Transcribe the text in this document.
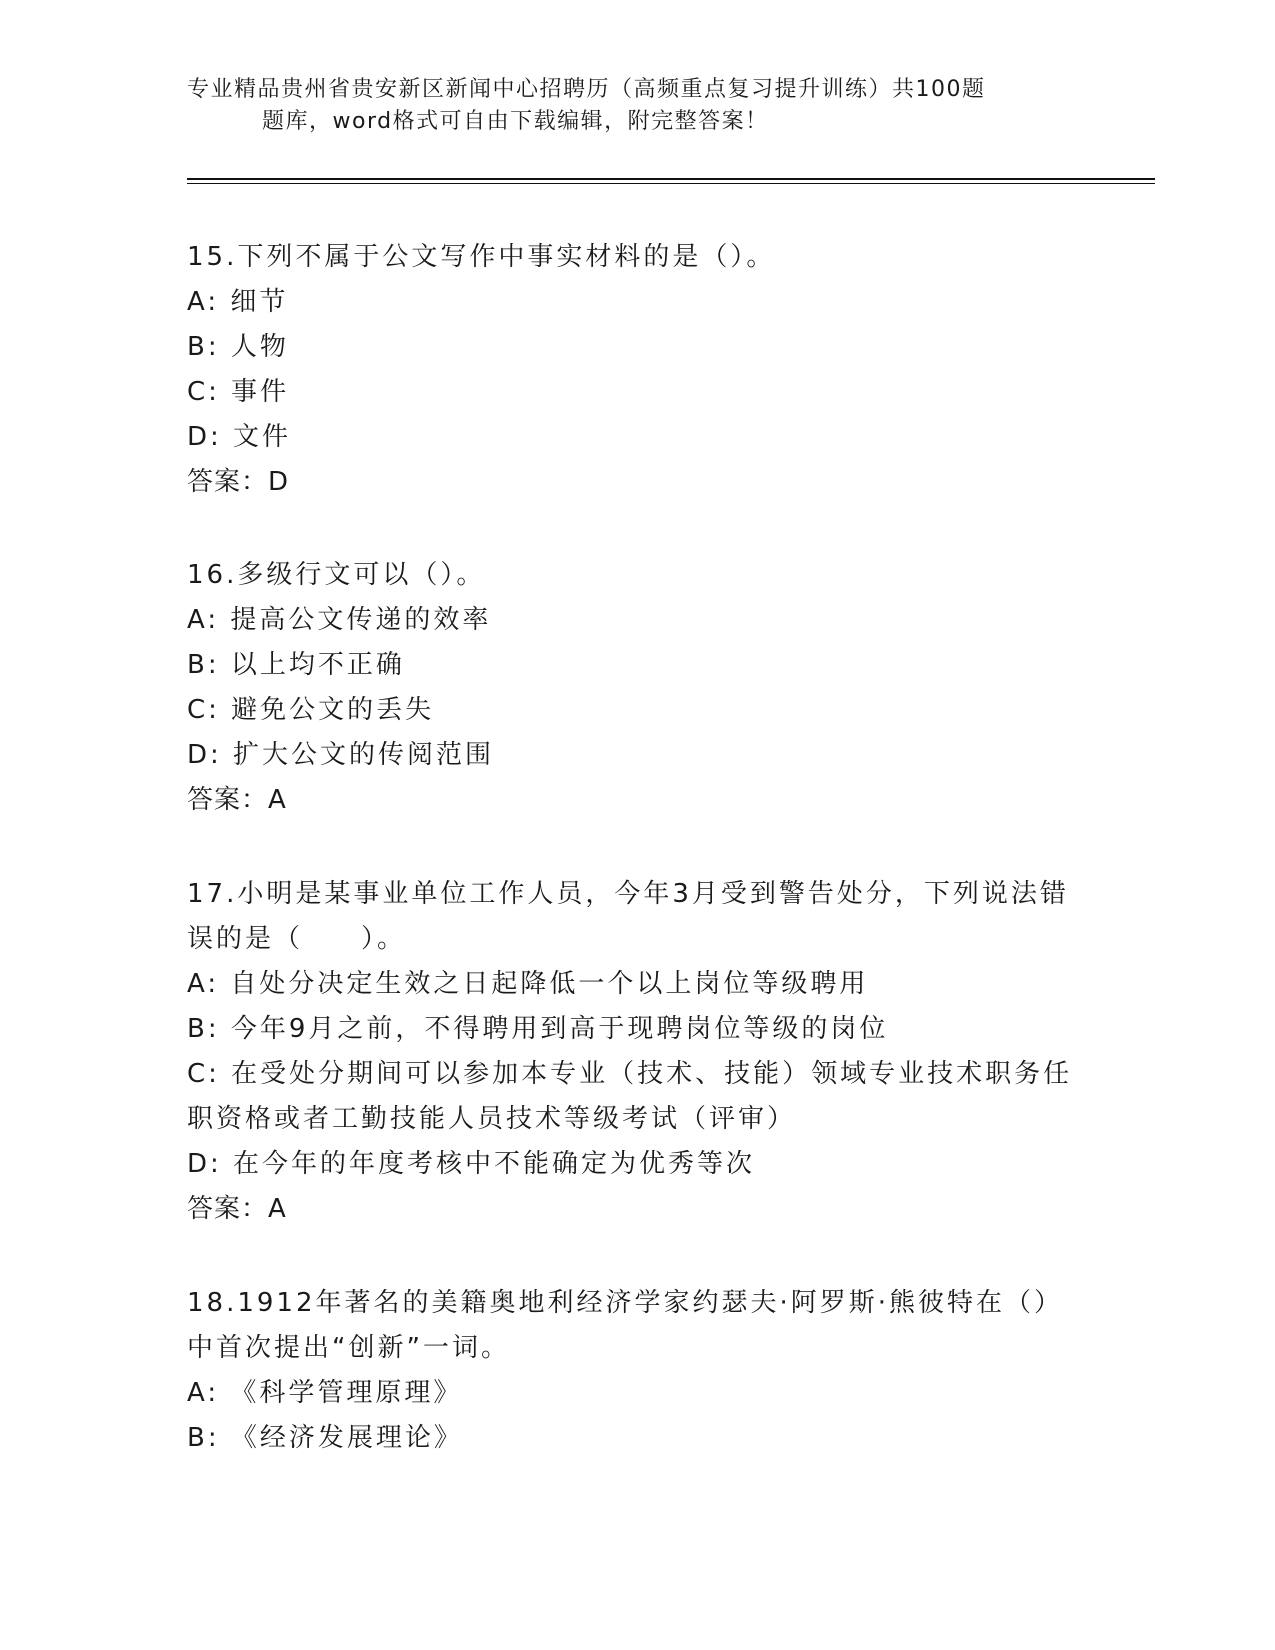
专业精品贵州省贵安新区新闻中心招聘历（高频重点复习提升训练）共100题
题库，word格式可自由下载编辑，附完整答案！

15.下列不属于公文写作中事实材料的是（）。

A: 细节

B: 人物

C: 事件

D: 文件

答案：D

16.多级行文可以（）。

A: 提高公文传递的效率

B: 以上均不正确

C: 避免公文的丢失

D: 扩大公文的传阅范围

答案：A

17.小明是某事业单位工作人员，今年3月受到警告处分，下列说法错

误的是（　　）。

A: 自处分决定生效之日起降低一个以上岗位等级聘用

B: 今年9月之前，不得聘用到高于现聘岗位等级的岗位

C: 在受处分期间可以参加本专业（技术、技能）领域专业技术职务任

职资格或者工勤技能人员技术等级考试（评审）

D: 在今年的年度考核中不能确定为优秀等次

答案：A

18.1912年著名的美籍奥地利经济学家约瑟夫·阿罗斯·熊彼特在（）

中首次提出“创新”一词。

A: 《科学管理原理》

B: 《经济发展理论》
